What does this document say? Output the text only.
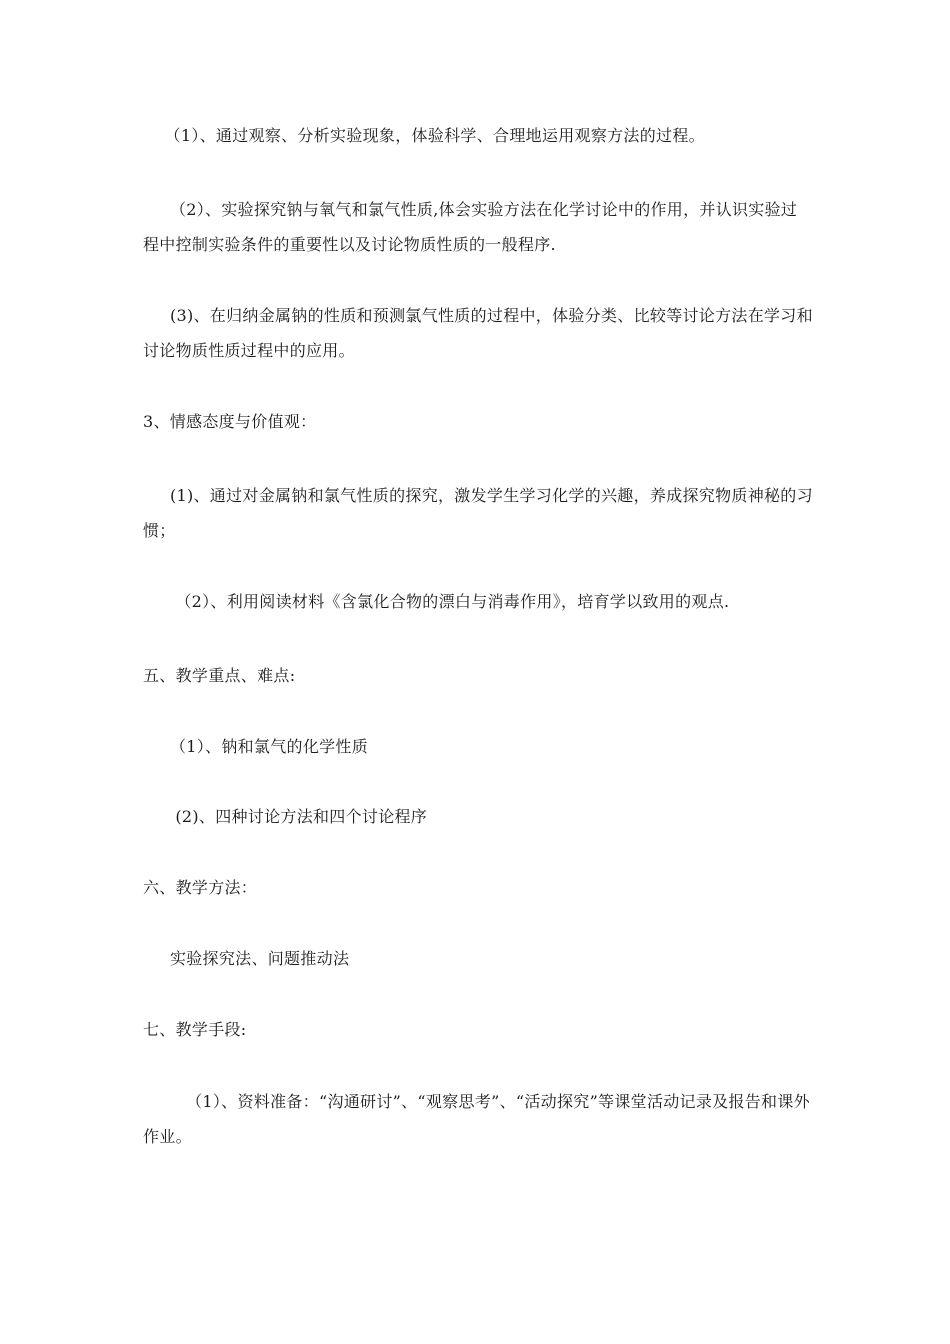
（1）、通过观察、分析实验现象，体验科学、合理地运用观察方法的过程。

（2）、实验探究钠与氧气和氯气性质,体会实验方法在化学讨论中的作用，并认识实验过程中控制实验条件的重要性以及讨论物质性质的一般程序.

(3)、在归纳金属钠的性质和预测氯气性质的过程中，体验分类、比较等讨论方法在学习和讨论物质性质过程中的应用。

3、情感态度与价值观：

(1)、通过对金属钠和氯气性质的探究，激发学生学习化学的兴趣，养成探究物质神秘的习惯；

（2）、利用阅读材料《含氯化合物的漂白与消毒作用》，培育学以致用的观点.

五、教学重点、难点:

（1）、钠和氯气的化学性质

(2)、四种讨论方法和四个讨论程序

六、教学方法：

实验探究法、问题推动法

七、教学手段:

（1）、资料准备：“沟通研讨”、“观察思考”、“活动探究”等课堂活动记录及报告和课外作业。
